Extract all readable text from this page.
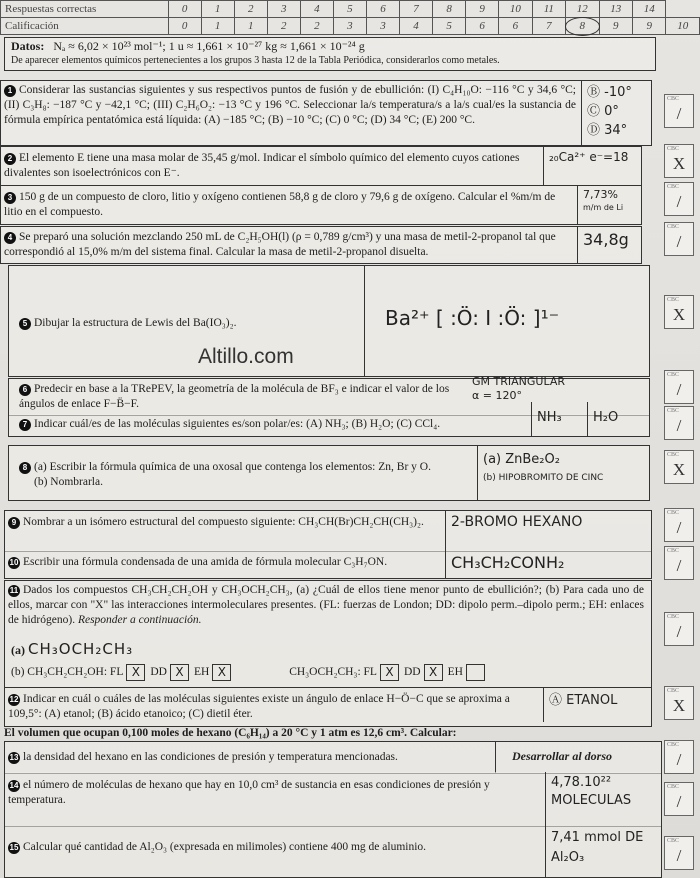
Respuestas correctas	0	1	2	3	4	5	6	7	8	9	10	11	12	13	14	
Calificación	0	1	1	2	2	3	3	4	5	6	6	7	8	9	9	10
Datos: Nₐ ≈ 6,02 × 10²³ mol⁻¹; 1 u ≈ 1,661 × 10⁻²⁷ kg ≈ 1,661 × 10⁻²⁴ g
De aparecer elementos químicos pertenecientes a los grupos 3 hasta 12 de la Tabla Periódica, considerarlos como metales.
1 Considerar las sustancias siguientes y sus respectivos puntos de fusión y de ebullición: (I) C₄H₁₀O: −116 °C y 34,6 °C; (II) C₃H₈: −187 °C y −42,1 °C; (III) C₂H₆O₂: −13 °C y 196 °C. Seleccionar la/s temperatura/s a la/s cual/es la sustancia de fórmula empírica pentatómica está líquida: (A) −185 °C; (B) −10 °C; (C) 0 °C; (D) 34 °C; (E) 200 °C.
Ⓑ -10°
Ⓒ 0°
Ⓓ 34°
CBC
/
2 El elemento E tiene una masa molar de 35,45 g/mol. Indicar el símbolo químico del elemento cuyos cationes divalentes son isoelectrónicos con E⁻.
₂₀Ca²⁺ e⁻=18
CBC
X
3 150 g de un compuesto de cloro, litio y oxígeno contienen 58,8 g de cloro y 79,6 g de oxígeno. Calcular el %m/m de litio en el compuesto.
7,73%
m/m de Li
CBC
/
4 Se preparó una solución mezclando 250 mL de C₂H₅OH(l) (ρ = 0,789 g/cm³) y una masa de metil-2-propanol tal que correspondió al 15,0% m/m del sistema final. Calcular la masa de metil-2-propanol disuelta.
34,8g
CBC
/
5 Dibujar la estructura de Lewis del Ba(IO₃)₂.	Ba²⁺ [ :Ö: I :Ö: ]¹⁻
Altillo.com
CBC
X
6 Predecir en base a la TRePEV, la geometría de la molécula de BF₃ e indicar el valor de los ángulos de enlace F−B̈−F.
GM TRIANGULAR
α = 120°
CBC
/
7 Indicar cuál/es de las moléculas siguientes es/son polar/es: (A) NH₃; (B) H₂O; (C) CCl₄.	NH₃	H₂O	CBC
/
8 (a) Escribir la fórmula química de una oxosal que contenga los elementos: Zn, Br y O.
(b) Nombrarla.
(a) ZnBe₂O₂
(b) HIPOBROMITO DE CINC
CBC
X
9 Nombrar a un isómero estructural del compuesto siguiente: CH₃CH(Br)CH₂CH(CH₃)₂.	2-BROMO HEXANO
CBC
/
10 Escribir una fórmula condensada de una amida de fórmula molecular C₃H₇ON.	CH₃CH₂CONH₂
CBC
/
11 Dados los compuestos CH₃CH₂CH₂OH y CH₃OCH₂CH₃, (a) ¿Cuál de ellos tiene menor punto de ebullición?; (b) Para cada uno de ellos, marcar con "X" las interacciones intermoleculares presentes. (FL: fuerzas de London; DD: dipolo perm.–dipolo perm.; EH: enlaces de hidrógeno). Responder a continuación.
(a) CH₃OCH₂CH₃
(b) CH₃CH₂CH₂OH: FL X DD X EH X	CH₃OCH₂CH₃: FL X DD X EH
CBC
/
12 Indicar en cuál o cuáles de las moléculas siguientes existe un ángulo de enlace H−Ö−C que se aproxima a 109,5°: (A) etanol; (B) ácido etanoico; (C) dietil éter.
Ⓐ ETANOL
CBC
X
El volumen que ocupan 0,100 moles de hexano (C₆H₁₄) a 20 °C y 1 atm es 12,6 cm³. Calcular:
13 la densidad del hexano en las condiciones de presión y temperatura mencionadas.	Desarrollar al dorso
CBC
/
14 el número de moléculas de hexano que hay en 10,0 cm³ de sustancia en esas condiciones de presión y temperatura.
4,78.10²² MOLECULAS
CBC
/
15 Calcular qué cantidad de Al₂O₃ (expresada en milimoles) contiene 400 mg de aluminio.
7,41 mmol DE Al₂O₃
CBC
/
